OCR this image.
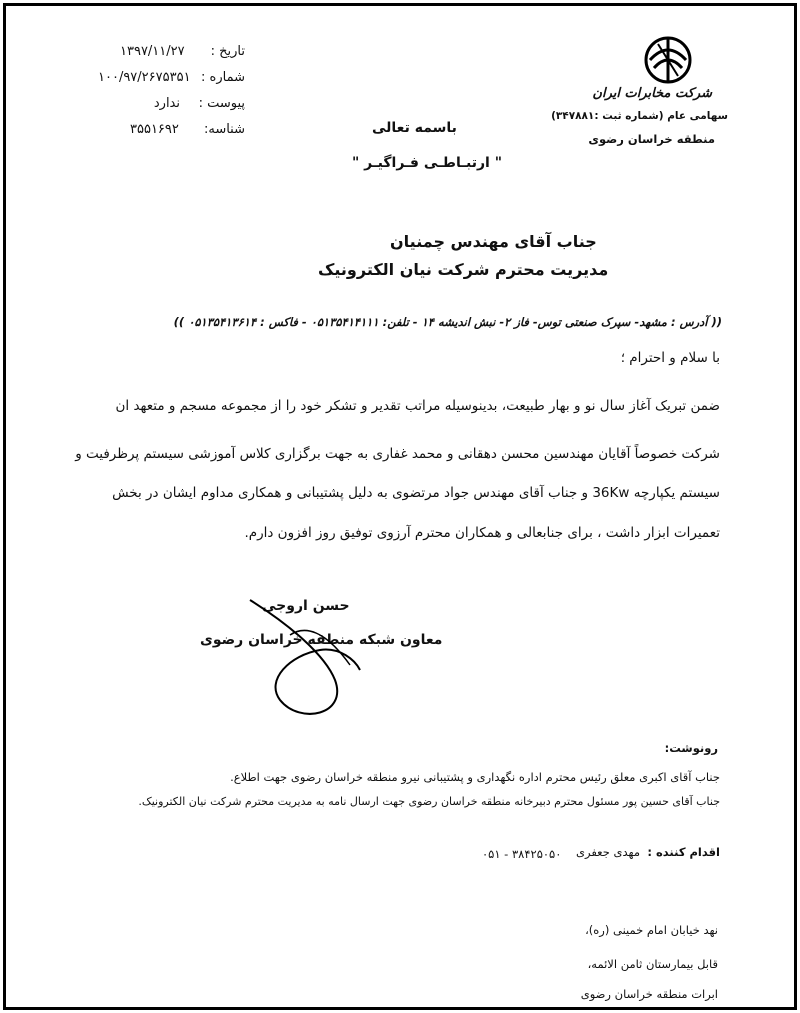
تاریخ :
۱۳۹۷/۱۱/۲۷
شماره :
۱۰۰/۹۷/۲۶۷۵۳۵۱
پیوست :
ندارد
شناسه:
۳۵۵۱۶۹۲
شرکت مخابرات ایران
سهامی عام (شماره ثبت :۳۴۷۸۸۱)
منطقه خراسان رضوی
باسمه تعالی
" ارتبـاطـی فـراگیـر "
جناب آقای مهندس چمنیان
مدیریت محترم شرکت نیان الکترونیک
(( آدرس : مشهد- سپرک صنعتی توس- فاز ۲- نبش اندیشه ۱۴ - تلفن: ۰۵۱۳۵۴۱۴۱۱۱ - فاکس : ۰۵۱۳۵۴۱۳۶۱۴ ))
با سلام و احترام ؛
ضمن تبریک آغاز سال نو و بهار طبیعت، بدینوسیله مراتب تقدیر و تشکر خود را از مجموعه مسجم و متعهد ان
شرکت خصوصاً آقایان مهندسین محسن دهقانی و محمد غفاری به جهت برگزاری کلاس آموزشی سیستم پرظرفیت و
سیستم یکپارچه 36Kw و جناب آقای مهندس جواد مرتضوی به دلیل پشتیبانی و همکاری مداوم ایشان در بخش
تعمیرات ابزار داشت ، برای جنابعالی و همکاران محترم آرزوی توفیق روز افزون دارم.
حسن اروجی
معاون شبکه منطقه خراسان رضوی
رونوشت:
جناب آقای اکبری معلق رئیس محترم اداره نگهداری و پشتیبانی نیرو منطقه خراسان رضوی جهت اطلاع.
جناب آقای حسین پور مسئول محترم دبیرخانه منطقه خراسان رضوی جهت ارسال نامه به مدیریت محترم شرکت نیان الکترونیک.
اقدام کننده :
مهدی جعفری
۰۵۱ - ۳۸۴۲۵۰۵۰
نهد خیابان امام خمینی (ره)،
قابل بیمارستان ثامن الائمه،
ابرات منطقه خراسان رضوی
